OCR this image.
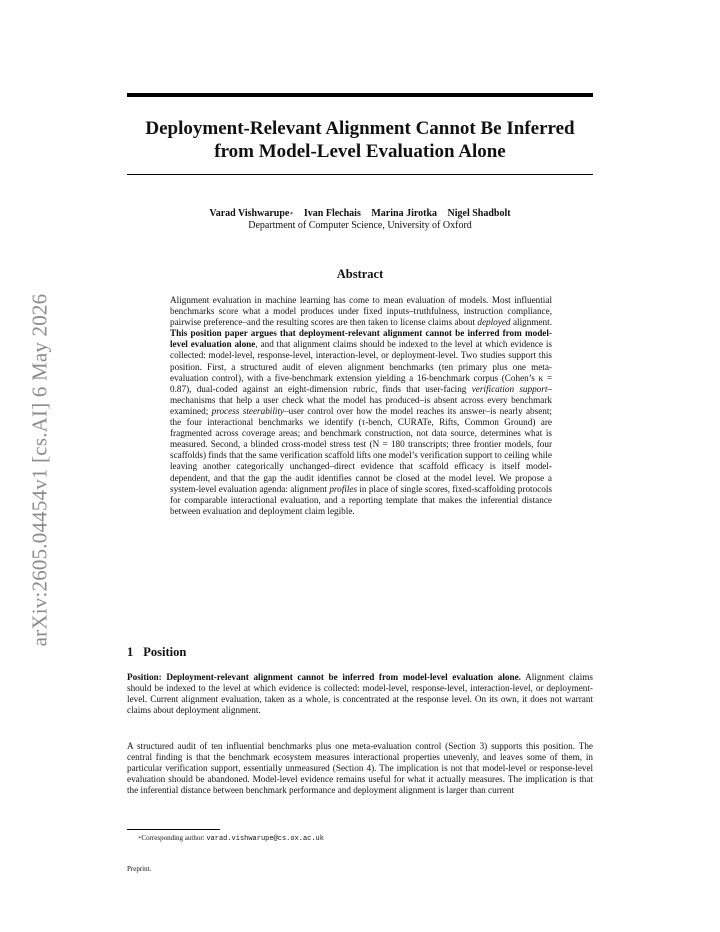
arXiv:2605.04454v1 [cs.AI] 6 May 2026
Deployment-Relevant Alignment Cannot Be Inferred
from Model-Level Evaluation Alone
Varad Vishwarupe∗ Ivan Flechais Marina Jirotka Nigel Shadbolt
Department of Computer Science, University of Oxford
Abstract

Alignment evaluation in machine learning has come to mean evaluation of models. Most influential benchmarks score what a model produces under fixed inputs–truthfulness, instruction compliance, pairwise preference–and the resulting scores are then taken to license claims about deployed alignment. This position paper argues that deployment-relevant alignment cannot be inferred from model-level evaluation alone, and that alignment claims should be indexed to the level at which evidence is collected: model-level, response-level, interaction-level, or deployment-level. Two studies support this position. First, a structured audit of eleven alignment benchmarks (ten primary plus one meta-evaluation control), with a five-benchmark extension yielding a 16-benchmark corpus (Cohen’s κ = 0.87), dual-coded against an eight-dimension rubric, finds that user-facing verification support–mechanisms that help a user check what the model has produced–is absent across every benchmark examined; process steerability–user control over how the model reaches its answer–is nearly absent; the four interactional benchmarks we identify (τ-bench, CURATe, Rifts, Common Ground) are fragmented across coverage areas; and benchmark construction, not data source, determines what is measured. Second, a blinded cross-model stress test (N = 180 transcripts; three frontier models, four scaffolds) finds that the same verification scaffold lifts one model’s verification support to ceiling while leaving another categorically unchanged–direct evidence that scaffold efficacy is itself model-dependent, and that the gap the audit identifies cannot be closed at the model level. We propose a system-level evaluation agenda: alignment profiles in place of single scores, fixed-scaffolding protocols for comparable interactional evaluation, and a reporting template that makes the inferential distance between evaluation and deployment claim legible.

1 Position

Position: Deployment-relevant alignment cannot be inferred from model-level evaluation alone. Alignment claims should be indexed to the level at which evidence is collected: model-level, response-level, interaction-level, or deployment-level. Current alignment evaluation, taken as a whole, is concentrated at the response level. On its own, it does not warrant claims about deployment alignment.

A structured audit of ten influential benchmarks plus one meta-evaluation control (Section 3) supports this position. The central finding is that the benchmark ecosystem measures interactional properties unevenly, and leaves some of them, in particular verification support, essentially unmeasured (Section 4). The implication is not that model-level or response-level evaluation should be abandoned. Model-level evidence remains useful for what it actually measures. The implication is that the inferential distance between benchmark performance and deployment alignment is larger than current

∗Corresponding author: varad.vishwarupe@cs.ox.ac.uk
Preprint.
